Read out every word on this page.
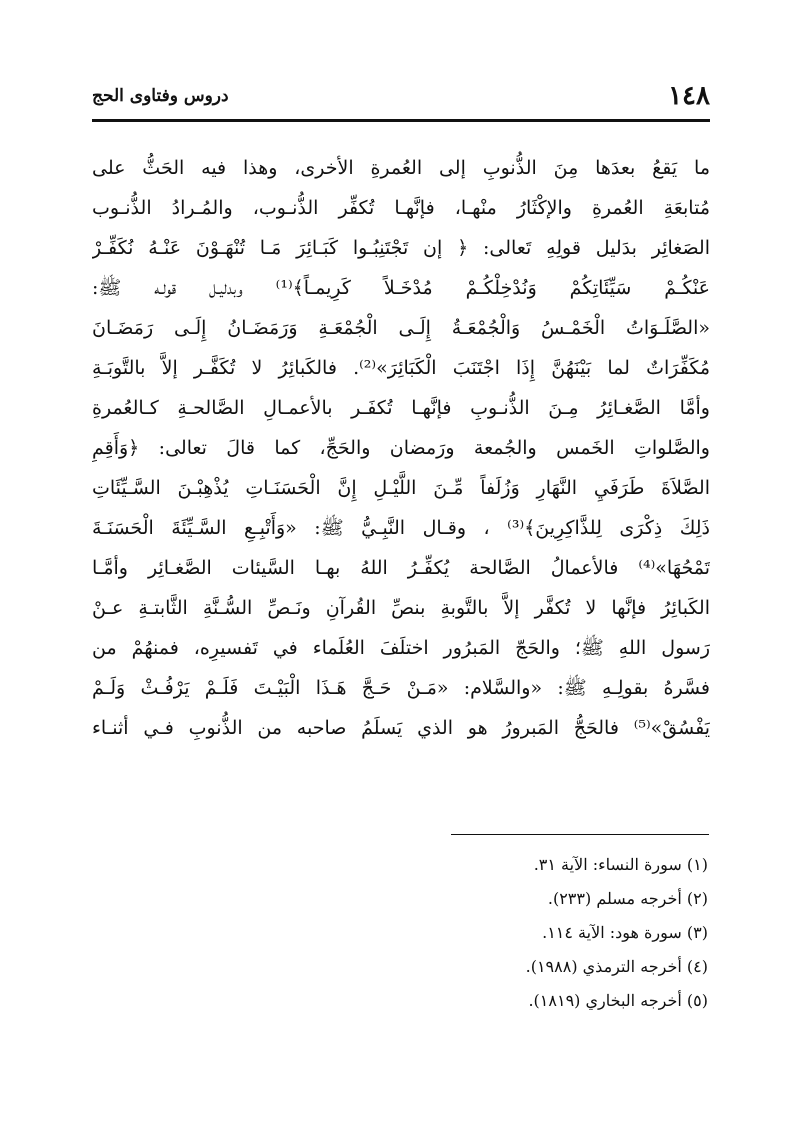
١٤٨
دروس وفتاوى الحج
ما يَقعُ بعدَها مِنَ الذُّنوبِ إلى العُمرةِ الأخرى، وهذا فيه الحَثُّ على
مُتابعَةِ العُمرةِ والإكْثَارُ منْهـا، فإنَّهـا تُكفِّر الذُّنـوب، والمُـرادُ الذُّنـوب
الصَغائِر بدَليل قولِهِ تَعالى: ﴿ إن تَجْتَنِبُـوا كَبَـائِرَ مَـا تُنْهَـوْنَ عَنْـهُ نُكَفِّـرْ
عَنْكُـمْ سَيِّئَاتِكُمْ وَنُدْخِلْكُـمْ مُدْخَـلاً كَرِيمـاً﴾⁽¹⁾ وبدليـل قولـه ﷺ:
«الصَّلَـوَاتُ الْخَمْـسُ وَالْجُمْعَـةُ إِلَـى الْجُمْعَـةِ وَرَمَضَـانُ إِلَـى رَمَضَـانَ
مُكَفِّرَاتٌ لما بَيْنَهُنَّ إِذَا اجْتَنَبَ الْكَبَائِرَ»⁽²⁾. فالكَبائِرُ لا تُكَفَّـر إلاَّ بالتَّوبَـةِ
وأمَّا الصَّغـائِرُ مِـنَ الذُّنـوبِ فإنَّهـا تُكفَـر بالأعمـالِ الصَّالحـةِ كـالعُمرةِ
والصَّلواتِ الخَمس والجُمعة ورَمضان والحَجِّ، كما قالَ تعالى: ﴿وَأَقِمِ
الصَّلاَةَ طَرَفَيِ النَّهَارِ وَزُلَفاً مِّـنَ اللَّيْـلِ إِنَّ الْحَسَنَـاتِ يُذْهِبْـنَ السَّـيِّئَاتِ
ذَلِكَ ذِكْرَى لِلذَّاكِرِينَ﴾⁽³⁾ ، وقـال النَّبِـيُّ ﷺ: «وَأَتْبِـعِ السَّـيِّئَةَ الْحَسَنَـةَ
تَمْحُهَا»⁽⁴⁾ فالأعمالُ الصَّالحة يُكفِّـرُ اللهُ بهـا السَّيئات الصَّغـائِر وأمَّـا
الكَبائِرُ فإنَّها لا تُكفَّر إلاَّ بالتَّوبةِ بنصِّ القُرآنِ ونَـصِّ السُّـنَّةِ الثَّابتـةِ عـنْ
رَسول اللهِ ﷺ؛ والحَجّ المَبرُور اختلَفَ العُلَماء في تَفسيرِه، فمنهُمْ من
فسَّرهُ بقولِـهِ ﷺ: «والسَّلام: «مَـنْ حَـجَّ هَـذَا الْبَيْـتَ فَلَـمْ يَرْفُـثْ وَلَـمْ
يَفْسُقْ»⁽⁵⁾ فالحَجُّ المَبرورُ هو الذي يَسلَمُ صاحبه من الذُّنوبِ فـي أثنـاء
(١) سورة النساء: الآية ٣١.
(٢) أخرجه مسلم (٢٣٣).
(٣) سورة هود: الآية ١١٤.
(٤) أخرجه الترمذي (١٩٨٨).
(٥) أخرجه البخاري (١٨١٩).
